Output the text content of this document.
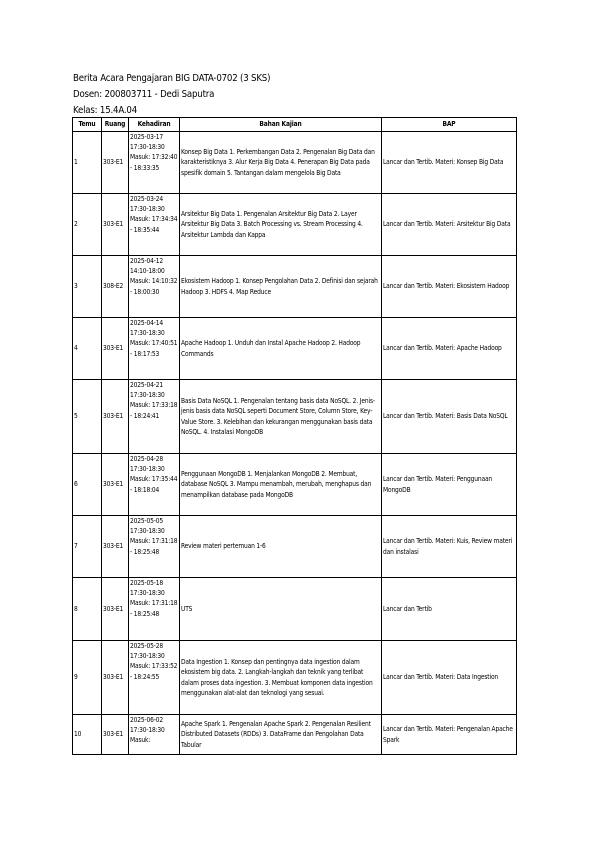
Berita Acara Pengajaran BIG DATA-0702 (3 SKS)
Dosen: 200803711 - Dedi Saputra
Kelas: 15.4A.04
Temu	Ruang	Kehadiran	Bahan Kajian	BAP
1	303-E1	2025-03-17 17:30-18:30 Masuk: 17:32:40 - 18:33:35	Konsep Big Data 1. Perkembangan Data 2. Pengenalan Big Data dan karakteristiknya 3. Alur Kerja Big Data 4. Penerapan Big Data pada spesifik domain 5. Tantangan dalam mengelola Big Data	Lancar dan Tertib. Materi: Konsep Big Data
2	303-E1	2025-03-24 17:30-18:30 Masuk: 17:34:34 - 18:35:44	Arsitektur Big Data 1. Pengenalan Arsitektur Big Data 2. Layer Arsitektur Big Data 3. Batch Processing vs. Stream Processing 4. Arsitektur Lambda dan Kappa	Lancar dan Tertib. Materi: Arsitektur Big Data
3	308-E2	2025-04-12 14:10-18:00 Masuk: 14:10:32 - 18:00:30	Ekosistem Hadoop 1. Konsep Pengolahan Data 2. Definisi dan sejarah Hadoop 3. HDFS 4. Map Reduce	Lancar dan Tertib. Materi: Ekosistem Hadoop
4	303-E1	2025-04-14 17:30-18:30 Masuk: 17:40:51 - 18:17:53	Apache Hadoop 1. Unduh dan Instal Apache Hadoop 2. Hadoop Commands	Lancar dan Tertib. Materi: Apache Hadoop
5	303-E1	2025-04-21 17:30-18:30 Masuk: 17:33:18 - 18:24:41	Basis Data NoSQL 1. Pengenalan tentang basis data NoSQL. 2. Jenis-jenis basis data NoSQL seperti Document Store, Column Store, Key-Value Store. 3. Kelebihan dan kekurangan menggunakan basis data NoSQL. 4. Instalasi MongoDB	Lancar dan Tertib. Materi: Basis Data NoSQL
6	303-E1	2025-04-28 17:30-18:30 Masuk: 17:35:44 - 18:18:04	Penggunaan MongoDB 1. Menjalankan MongoDB 2. Membuat, database NoSQL 3. Mampu menambah, merubah, menghapus dan menampilkan database pada MongoDB	Lancar dan Tertib. Materi: Penggunaan MongoDB
7	303-E1	2025-05-05 17:30-18:30 Masuk: 17:31:18 - 18:25:48	Review materi pertemuan 1-6	Lancar dan Tertib. Materi: Kuis, Review materi dan instalasi
8	303-E1	2025-05-18 17:30-18:30 Masuk: 17:31:18 - 18:25:48	UTS	Lancar dan Tertib
9	303-E1	2025-05-28 17:30-18:30 Masuk: 17:33:52 - 18:24:55	Data Ingestion 1. Konsep dan pentingnya data ingestion dalam ekosistem big data. 2. Langkah-langkah dan teknik yang terlibat dalam proses data ingestion. 3. Membuat komponen data ingestion menggunakan alat-alat dan teknologi yang sesuai.	Lancar dan Tertib. Materi: Data Ingestion
10	303-E1	2025-06-02 17:30-18:30 Masuk:	Apache Spark 1. Pengenalan Apache Spark 2. Pengenalan Resilient Distributed Datasets (RDDs) 3. DataFrame dan Pengolahan Data Tabular	Lancar dan Tertib. Materi: Pengenalan Apache Spark
